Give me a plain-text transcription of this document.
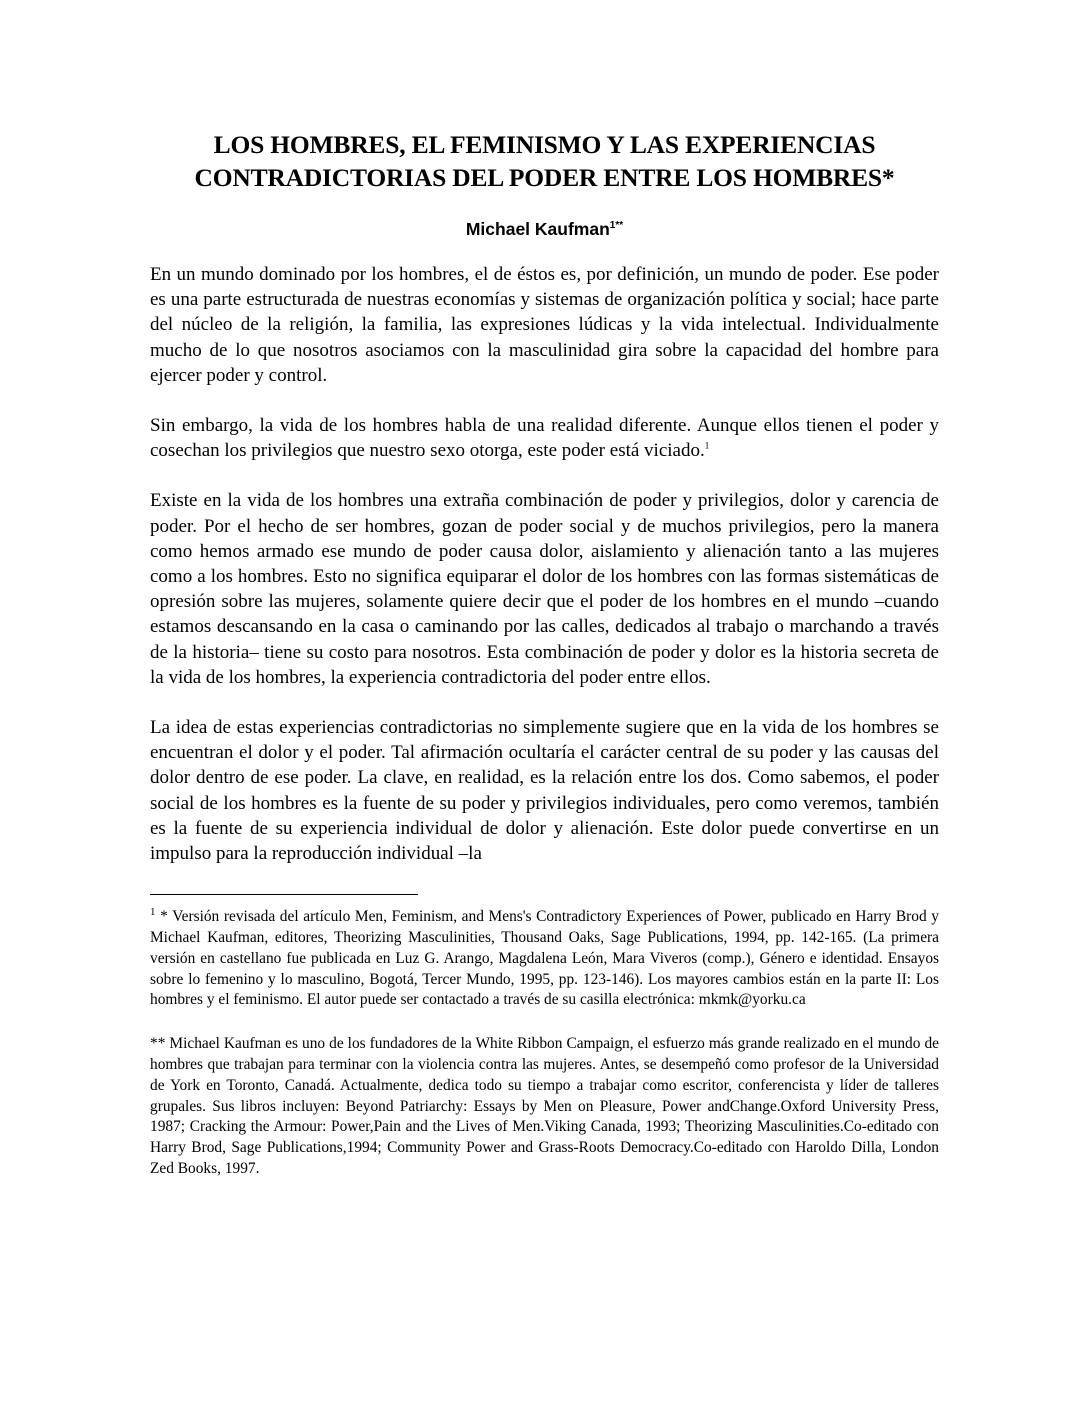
LOS HOMBRES, EL FEMINISMO Y LAS EXPERIENCIAS CONTRADICTORIAS DEL PODER ENTRE LOS HOMBRES*
Michael Kaufman$^{1**}$

En un mundo dominado por los hombres, el de éstos es, por definición, un mundo de poder. Ese poder es una parte estructurada de nuestras economías y sistemas de organización política y social; hace parte del núcleo de la religión, la familia, las expresiones lúdicas y la vida intelectual. Individualmente mucho de lo que nosotros asociamos con la masculinidad gira sobre la capacidad del hombre para ejercer poder y control.

Sin embargo, la vida de los hombres habla de una realidad diferente. Aunque ellos tienen el poder y cosechan los privilegios que nuestro sexo otorga, este poder está viciado.$^1$

Existe en la vida de los hombres una extraña combinación de poder y privilegios, dolor y carencia de poder. Por el hecho de ser hombres, gozan de poder social y de muchos privilegios, pero la manera como hemos armado ese mundo de poder causa dolor, aislamiento y alienación tanto a las mujeres como a los hombres. Esto no significa equiparar el dolor de los hombres con las formas sistemáticas de opresión sobre las mujeres, solamente quiere decir que el poder de los hombres en el mundo –cuando estamos descansando en la casa o caminando por las calles, dedicados al trabajo o marchando a través de la historia– tiene su costo para nosotros. Esta combinación de poder y dolor es la historia secreta de la vida de los hombres, la experiencia contradictoria del poder entre ellos.

La idea de estas experiencias contradictorias no simplemente sugiere que en la vida de los hombres se encuentran el dolor y el poder. Tal afirmación ocultaría el carácter central de su poder y las causas del dolor dentro de ese poder. La clave, en realidad, es la relación entre los dos. Como sabemos, el poder social de los hombres es la fuente de su poder y privilegios individuales, pero como veremos, también es la fuente de su experiencia individual de dolor y alienación. Este dolor puede convertirse en un impulso para la reproducción individual –la

$^1$ * Versión revisada del artículo Men, Feminism, and Mens's Contradictory Experiences of Power, publicado en Harry Brod y Michael Kaufman, editores, Theorizing Masculinities, Thousand Oaks, Sage Publications, 1994, pp. 142-165. (La primera versión en castellano fue publicada en Luz G. Arango, Magdalena León, Mara Viveros (comp.), Género e identidad. Ensayos sobre lo femenino y lo masculino, Bogotá, Tercer Mundo, 1995, pp. 123-146). Los mayores cambios están en la parte II: Los hombres y el feminismo. El autor puede ser contactado a través de su casilla electrónica: mkmk@yorku.ca

** Michael Kaufman es uno de los fundadores de la White Ribbon Campaign, el esfuerzo más grande realizado en el mundo de hombres que trabajan para terminar con la violencia contra las mujeres. Antes, se desempeñó como profesor de la Universidad de York en Toronto, Canadá. Actualmente, dedica todo su tiempo a trabajar como escritor, conferencista y líder de talleres grupales. Sus libros incluyen: Beyond Patriarchy: Essays by Men on Pleasure, Power andChange.Oxford University Press, 1987; Cracking the Armour: Power,Pain and the Lives of Men.Viking Canada, 1993; Theorizing Masculinities.Co-editado con Harry Brod, Sage Publications,1994; Community Power and Grass-Roots Democracy.Co-editado con Haroldo Dilla, London Zed Books, 1997.
